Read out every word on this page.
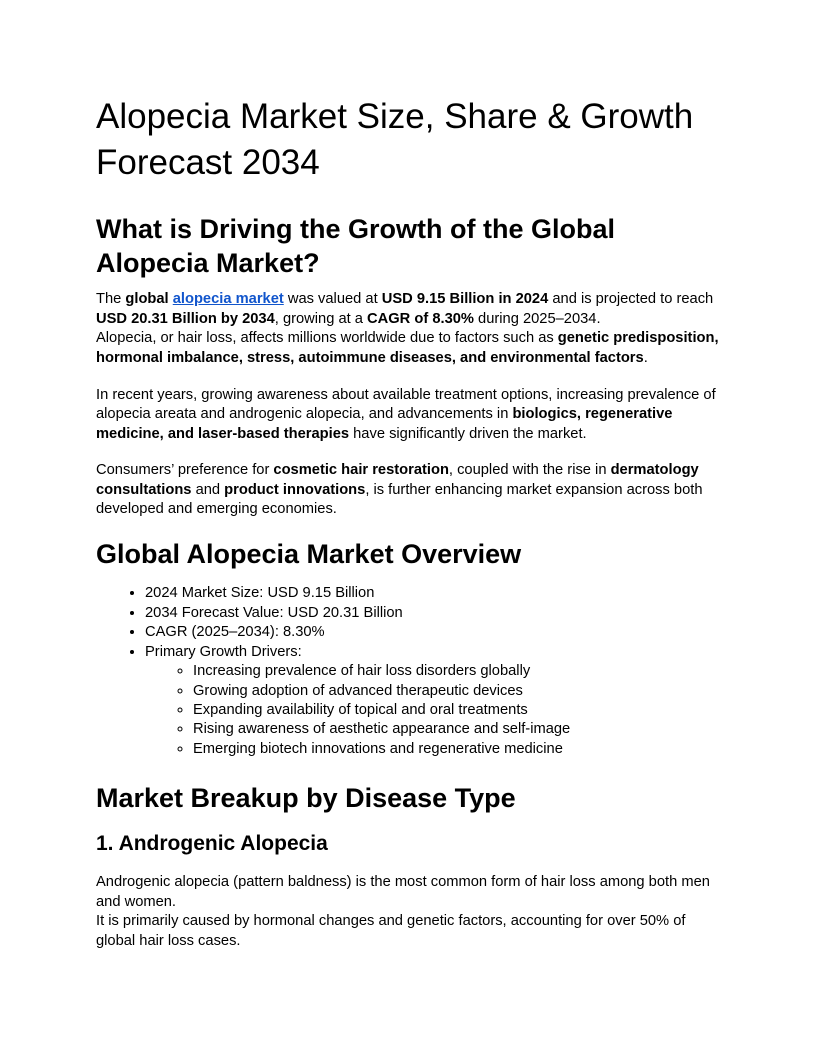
Alopecia Market Size, Share & Growth Forecast 2034
What is Driving the Growth of the Global Alopecia Market?

The global alopecia market was valued at USD 9.15 Billion in 2024 and is projected to reach USD 20.31 Billion by 2034, growing at a CAGR of 8.30% during 2025–2034.
Alopecia, or hair loss, affects millions worldwide due to factors such as genetic predisposition, hormonal imbalance, stress, autoimmune diseases, and environmental factors.

In recent years, growing awareness about available treatment options, increasing prevalence of alopecia areata and androgenic alopecia, and advancements in biologics, regenerative medicine, and laser-based therapies have significantly driven the market.

Consumers’ preference for cosmetic hair restoration, coupled with the rise in dermatology consultations and product innovations, is further enhancing market expansion across both developed and emerging economies.

Global Alopecia Market Overview
• 2024 Market Size: USD 9.15 Billion
• 2034 Forecast Value: USD 20.31 Billion
• CAGR (2025–2034): 8.30%
• Primary Growth Drivers:
◦ Increasing prevalence of hair loss disorders globally
◦ Growing adoption of advanced therapeutic devices
◦ Expanding availability of topical and oral treatments
◦ Rising awareness of aesthetic appearance and self-image
◦ Emerging biotech innovations and regenerative medicine
Market Breakup by Disease Type
1. Androgenic Alopecia

Androgenic alopecia (pattern baldness) is the most common form of hair loss among both men and women.
It is primarily caused by hormonal changes and genetic factors, accounting for over 50% of global hair loss cases.
